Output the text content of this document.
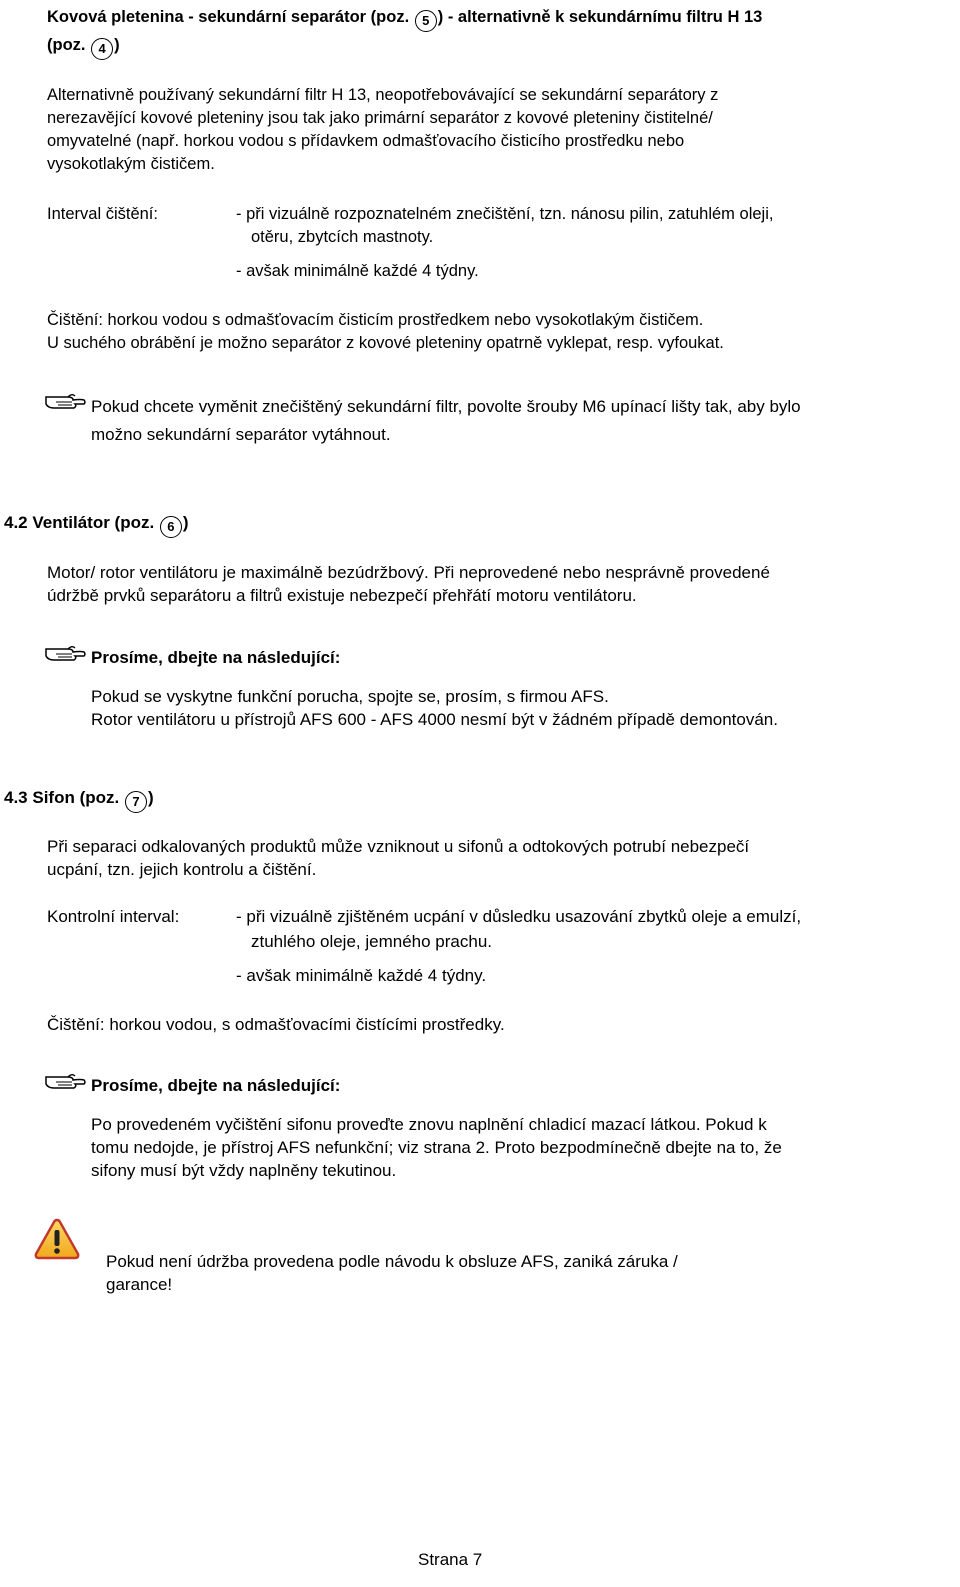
Kovová pletenina - sekundární separátor (poz. 5 ) - alternativně k sekundárnímu filtru H 13
(poz. 4 )
Alternativně používaný sekundární filtr H 13, neopotřebovávající se sekundární separátory z
nerezavějící kovové pleteniny jsou tak jako primární separátor z kovové pleteniny čistitelné/
omyvatelné (např. horkou vodou s přídavkem odmašťovacího čisticího prostředku nebo
vysokotlakým čističem.
Interval čištění:	- při vizuálně rozpoznatelném znečištění, tzn. nánosu pilin, zatuhlém oleji,
otěru, zbytcích mastnoty.
- avšak minimálně každé 4 týdny.
Čištění: horkou vodou s odmašťovacím čisticím prostředkem nebo vysokotlakým čističem.
U suchého obrábění je možno separátor z kovové pleteniny opatrně vyklepat, resp. vyfoukat.
Pokud chcete vyměnit znečištěný sekundární filtr, povolte šrouby M6 upínací lišty tak, aby bylo
možno sekundární separátor vytáhnout.
4.2 Ventilátor (poz. 6 )
Motor/ rotor ventilátoru je maximálně bezúdržbový. Při neprovedené nebo nesprávně provedené
údržbě prvků separátoru a filtrů existuje nebezpečí přehřátí motoru ventilátoru.
Prosíme, dbejte na následující:
Pokud se vyskytne funkční porucha, spojte se, prosím, s firmou AFS.
Rotor ventilátoru u přístrojů AFS 600 - AFS 4000 nesmí být v žádném případě demontován.
4.3 Sifon (poz. 7 )
Při separaci odkalovaných produktů může vzniknout u sifonů a odtokových potrubí nebezpečí
ucpání, tzn. jejich kontrolu a čištění.
Kontrolní interval:	- při vizuálně zjištěném ucpání v důsledku usazování zbytků oleje a emulzí,
ztuhlého oleje, jemného prachu.
- avšak minimálně každé 4 týdny.
Čištění: horkou vodou, s odmašťovacími čistícími prostředky.
Prosíme, dbejte na následující:
Po provedeném vyčištění sifonu proveďte znovu naplnění chladicí mazací látkou. Pokud k
tomu nedojde, je přístroj AFS nefunkční; viz strana 2. Proto bezpodmínečně dbejte na to, že
sifony musí být vždy naplněny tekutinou.
Pokud není údržba provedena podle návodu k obsluze AFS, zaniká záruka /
garance!
Strana 7
